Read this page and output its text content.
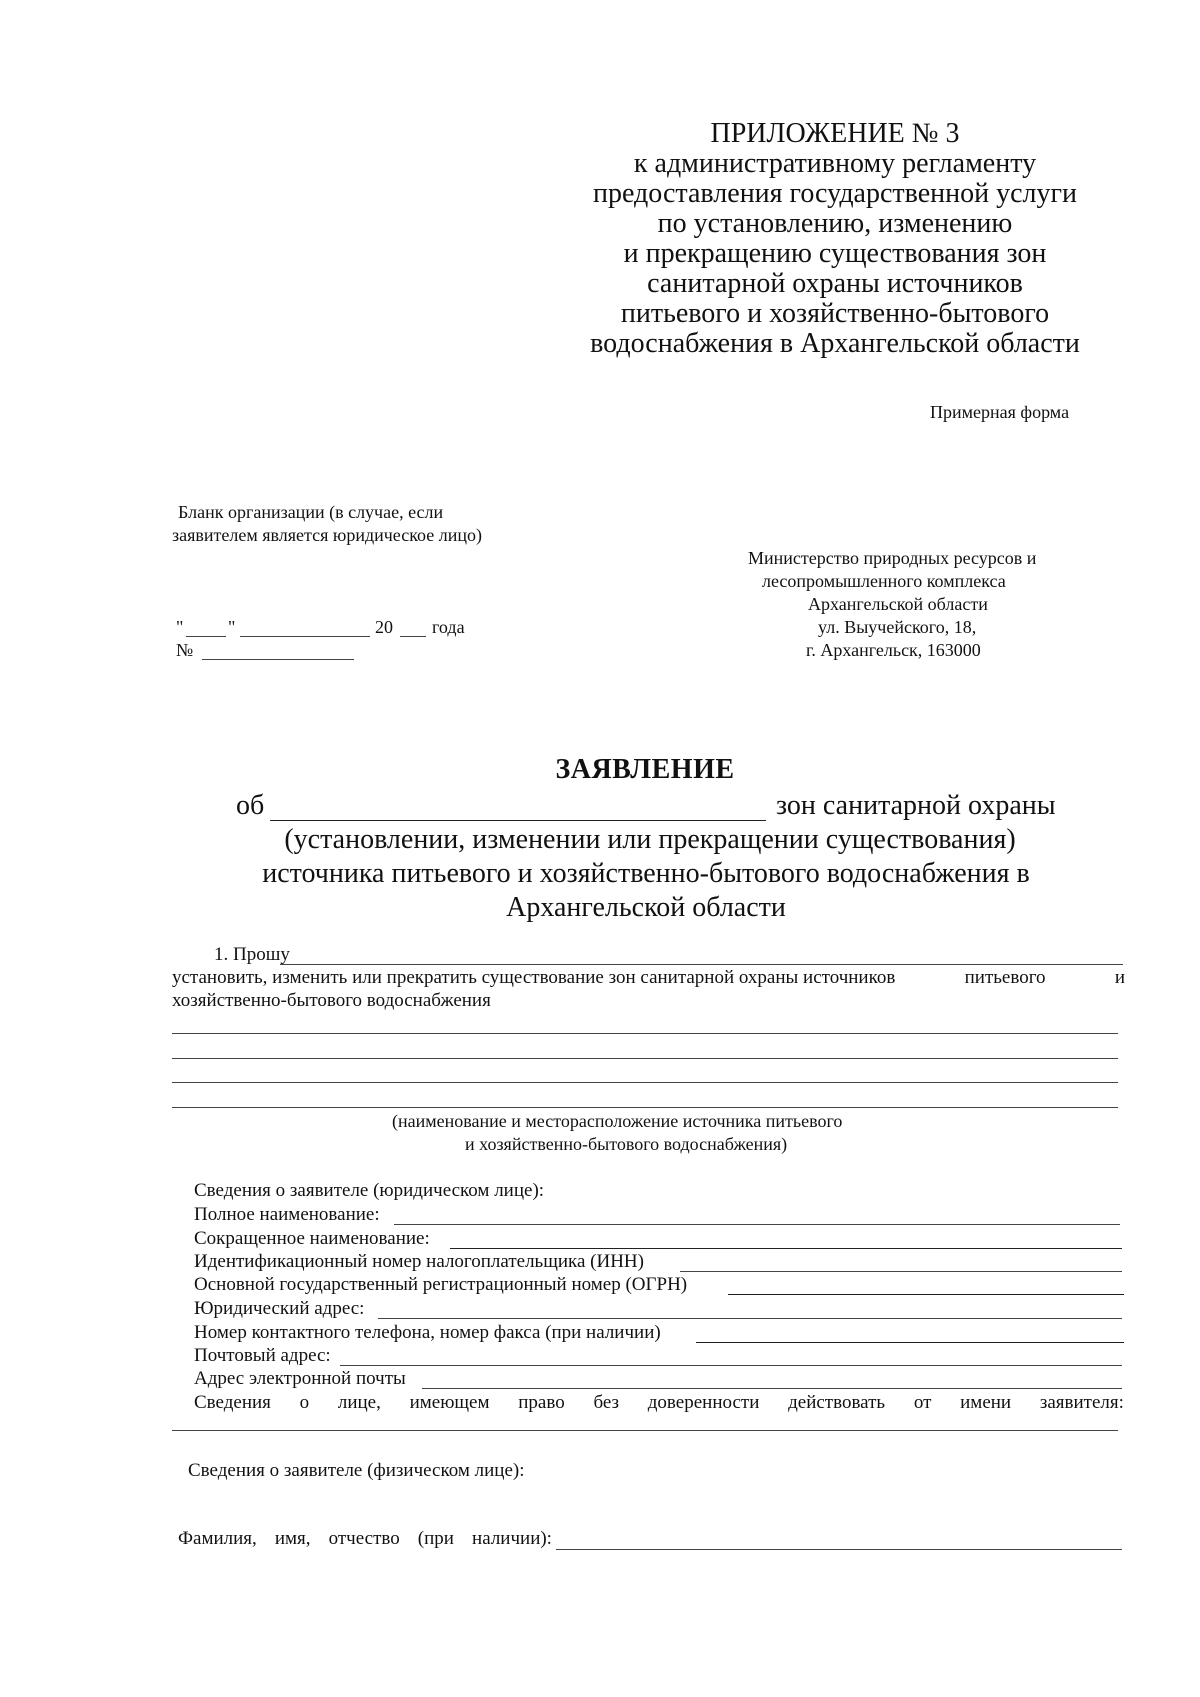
ПРИЛОЖЕНИЕ № 3
к административному регламенту
предоставления государственной услуги
по установлению, изменению
и прекращению существования зон
санитарной охраны источников
питьевого и хозяйственно-бытового
водоснабжения в Архангельской области
Примерная форма
Бланк организации (в случае, если
заявителем является юридическое лицо)
" "	20 года
№
Министерство природных ресурсов и
лесопромышленного комплекса
Архангельской области
ул. Выучейского, 18,
г. Архангельск, 163000
ЗАЯВЛЕНИЕ
об	зон санитарной охраны
(установлении, изменении или прекращении существования)
источника питьевого и хозяйственно-бытового водоснабжения в
Архангельской области
1. Прошу
установить, изменить или прекратить существование зон санитарной охраны источников	питьевого	и
хозяйственно-бытового водоснабжения
(наименование и месторасположение источника питьевого
и хозяйственно-бытового водоснабжения)
Сведения о заявителе (юридическом лице):
Полное наименование:
Сокращенное наименование:
Идентификационный номер налогоплательщика (ИНН)
Основной государственный регистрационный номер (ОГРН)
Юридический адрес:
Номер контактного телефона, номер факса (при наличии)
Почтовый адрес:
Адрес электронной почты
Сведения о лице, имеющем право без доверенности действовать от имени заявителя:
Сведения о заявителе (физическом лице):
Фамилия, имя, отчество (при наличии):
